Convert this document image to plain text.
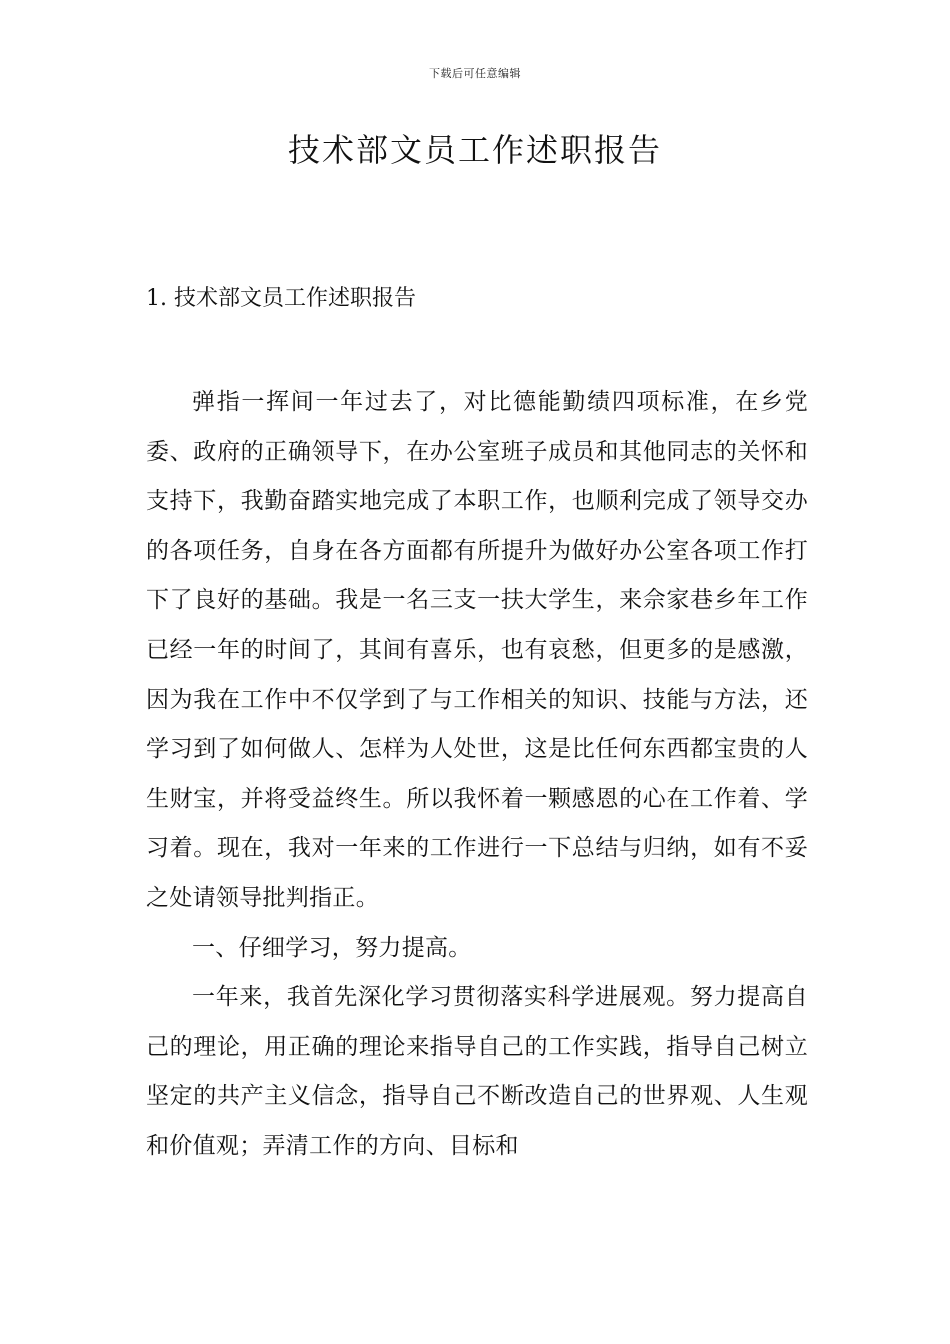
下载后可任意编辑
技术部文员工作述职报告
1. 技术部文员工作述职报告

弹指一挥间一年过去了，对比德能勤绩四项标准，在乡党委、政府的正确领导下，在办公室班子成员和其他同志的关怀和支持下，我勤奋踏实地完成了本职工作，也顺利完成了领导交办的各项任务，自身在各方面都有所提升为做好办公室各项工作打下了良好的基础。我是一名三支一扶大学生，来佘家巷乡年工作已经一年的时间了，其间有喜乐，也有哀愁，但更多的是感激，因为我在工作中不仅学到了与工作相关的知识、技能与方法，还学习到了如何做人、怎样为人处世，这是比任何东西都宝贵的人生财宝，并将受益终生。所以我怀着一颗感恩的心在工作着、学习着。现在，我对一年来的工作进行一下总结与归纳，如有不妥之处请领导批判指正。

一、仔细学习，努力提高。

一年来，我首先深化学习贯彻落实科学进展观。努力提高自己的理论，用正确的理论来指导自己的工作实践，指导自己树立坚定的共产主义信念，指导自己不断改造自己的世界观、人生观和价值观；弄清工作的方向、目标和
